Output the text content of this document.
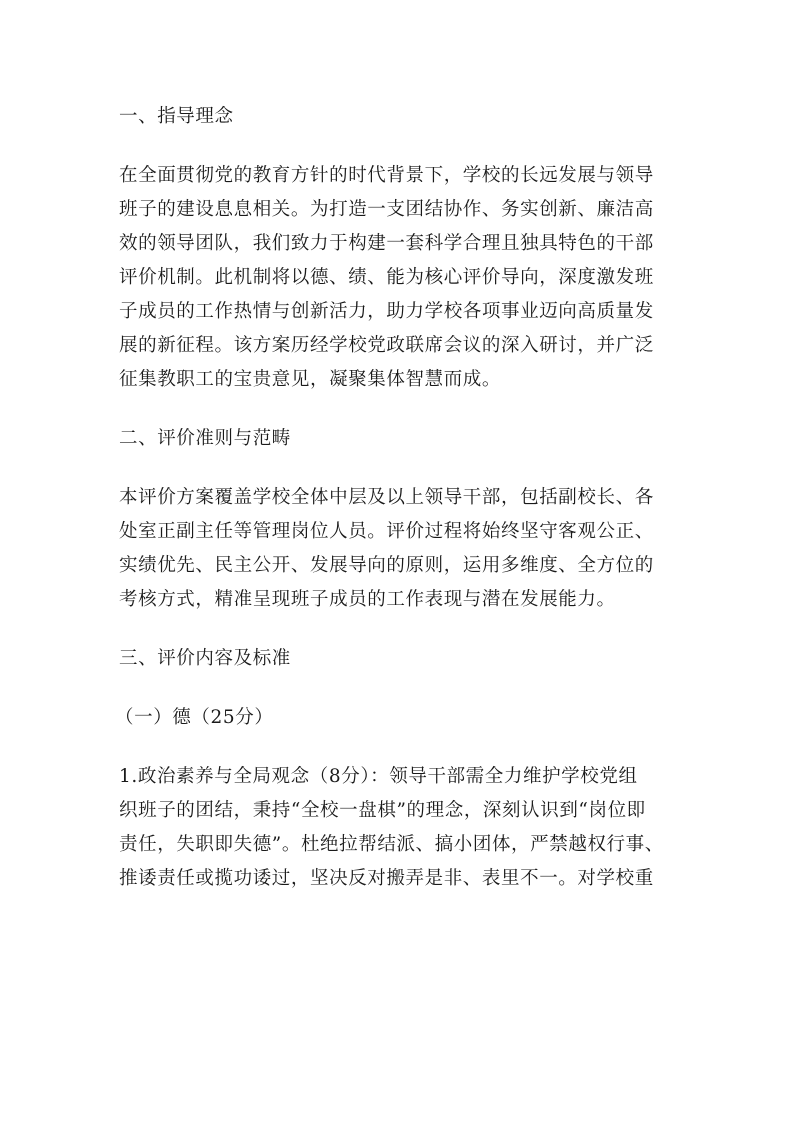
一、指导理念
在全面贯彻党的教育方针的时代背景下，学校的长远发展与领导
班子的建设息息相关。为打造一支团结协作、务实创新、廉洁高
效的领导团队，我们致力于构建一套科学合理且独具特色的干部
评价机制。此机制将以德、绩、能为核心评价导向，深度激发班
子成员的工作热情与创新活力，助力学校各项事业迈向高质量发
展的新征程。该方案历经学校党政联席会议的深入研讨，并广泛
征集教职工的宝贵意见，凝聚集体智慧而成。
二、评价准则与范畴
本评价方案覆盖学校全体中层及以上领导干部，包括副校长、各
处室正副主任等管理岗位人员。评价过程将始终坚守客观公正、
实绩优先、民主公开、发展导向的原则，运用多维度、全方位的
考核方式，精准呈现班子成员的工作表现与潜在发展能力。
三、评价内容及标准
（一）德（25分）
1.政治素养与全局观念（8分）：领导干部需全力维护学校党组
织班子的团结，秉持“全校一盘棋”的理念，深刻认识到“岗位即
责任，失职即失德”。杜绝拉帮结派、搞小团体，严禁越权行事、
推诿责任或揽功诿过，坚决反对搬弄是非、表里不一。对学校重
